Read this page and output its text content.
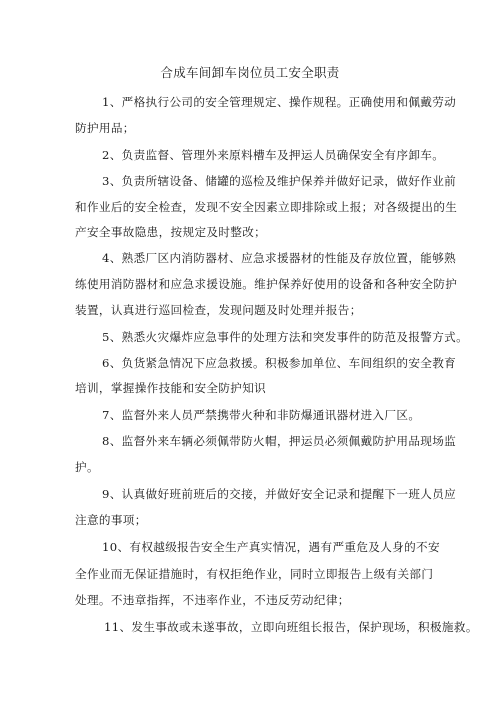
合成车间卸车岗位员工安全职责
1、严格执行公司的安全管理规定、操作规程。正确使用和佩戴劳动
防护用品；
2、负责监督、管理外来原料槽车及押运人员确保安全有序卸车。
3、负责所辖设备、储罐的巡检及维护保养并做好记录，做好作业前
和作业后的安全检查，发现不安全因素立即排除或上报；对各级提出的生
产安全事故隐患，按规定及时整改；
4、熟悉厂区内消防器材、应急求援器材的性能及存放位置，能够熟
练使用消防器材和应急求援设施。维护保养好使用的设备和各种安全防护
装置，认真进行巡回检查，发现问题及时处理并报告；
5、熟悉火灾爆炸应急事件的处理方法和突发事件的防范及报警方式。
6、负货紧急情况下应急救援。积极参加单位、车间组织的安全教育
培训，掌握操作技能和安全防护知识
7、监督外来人员严禁携带火种和非防爆通讯器材进入厂区。
8、监督外来车辆必须佩带防火帽，押运员必须佩戴防护用品现场监
护。
9、认真做好班前班后的交接，并做好安全记录和提醒下一班人员应
注意的事项；
10、有权越级报告安全生产真实情况，遇有严重危及人身的不安
全作业而无保证措施时，有权拒绝作业，同时立即报告上级有关部门
处理。不违章指挥，不违率作业，不违反劳动纪律；
11、发生事故或未遂事故，立即向班组长报告，保护现场，积极施救。
